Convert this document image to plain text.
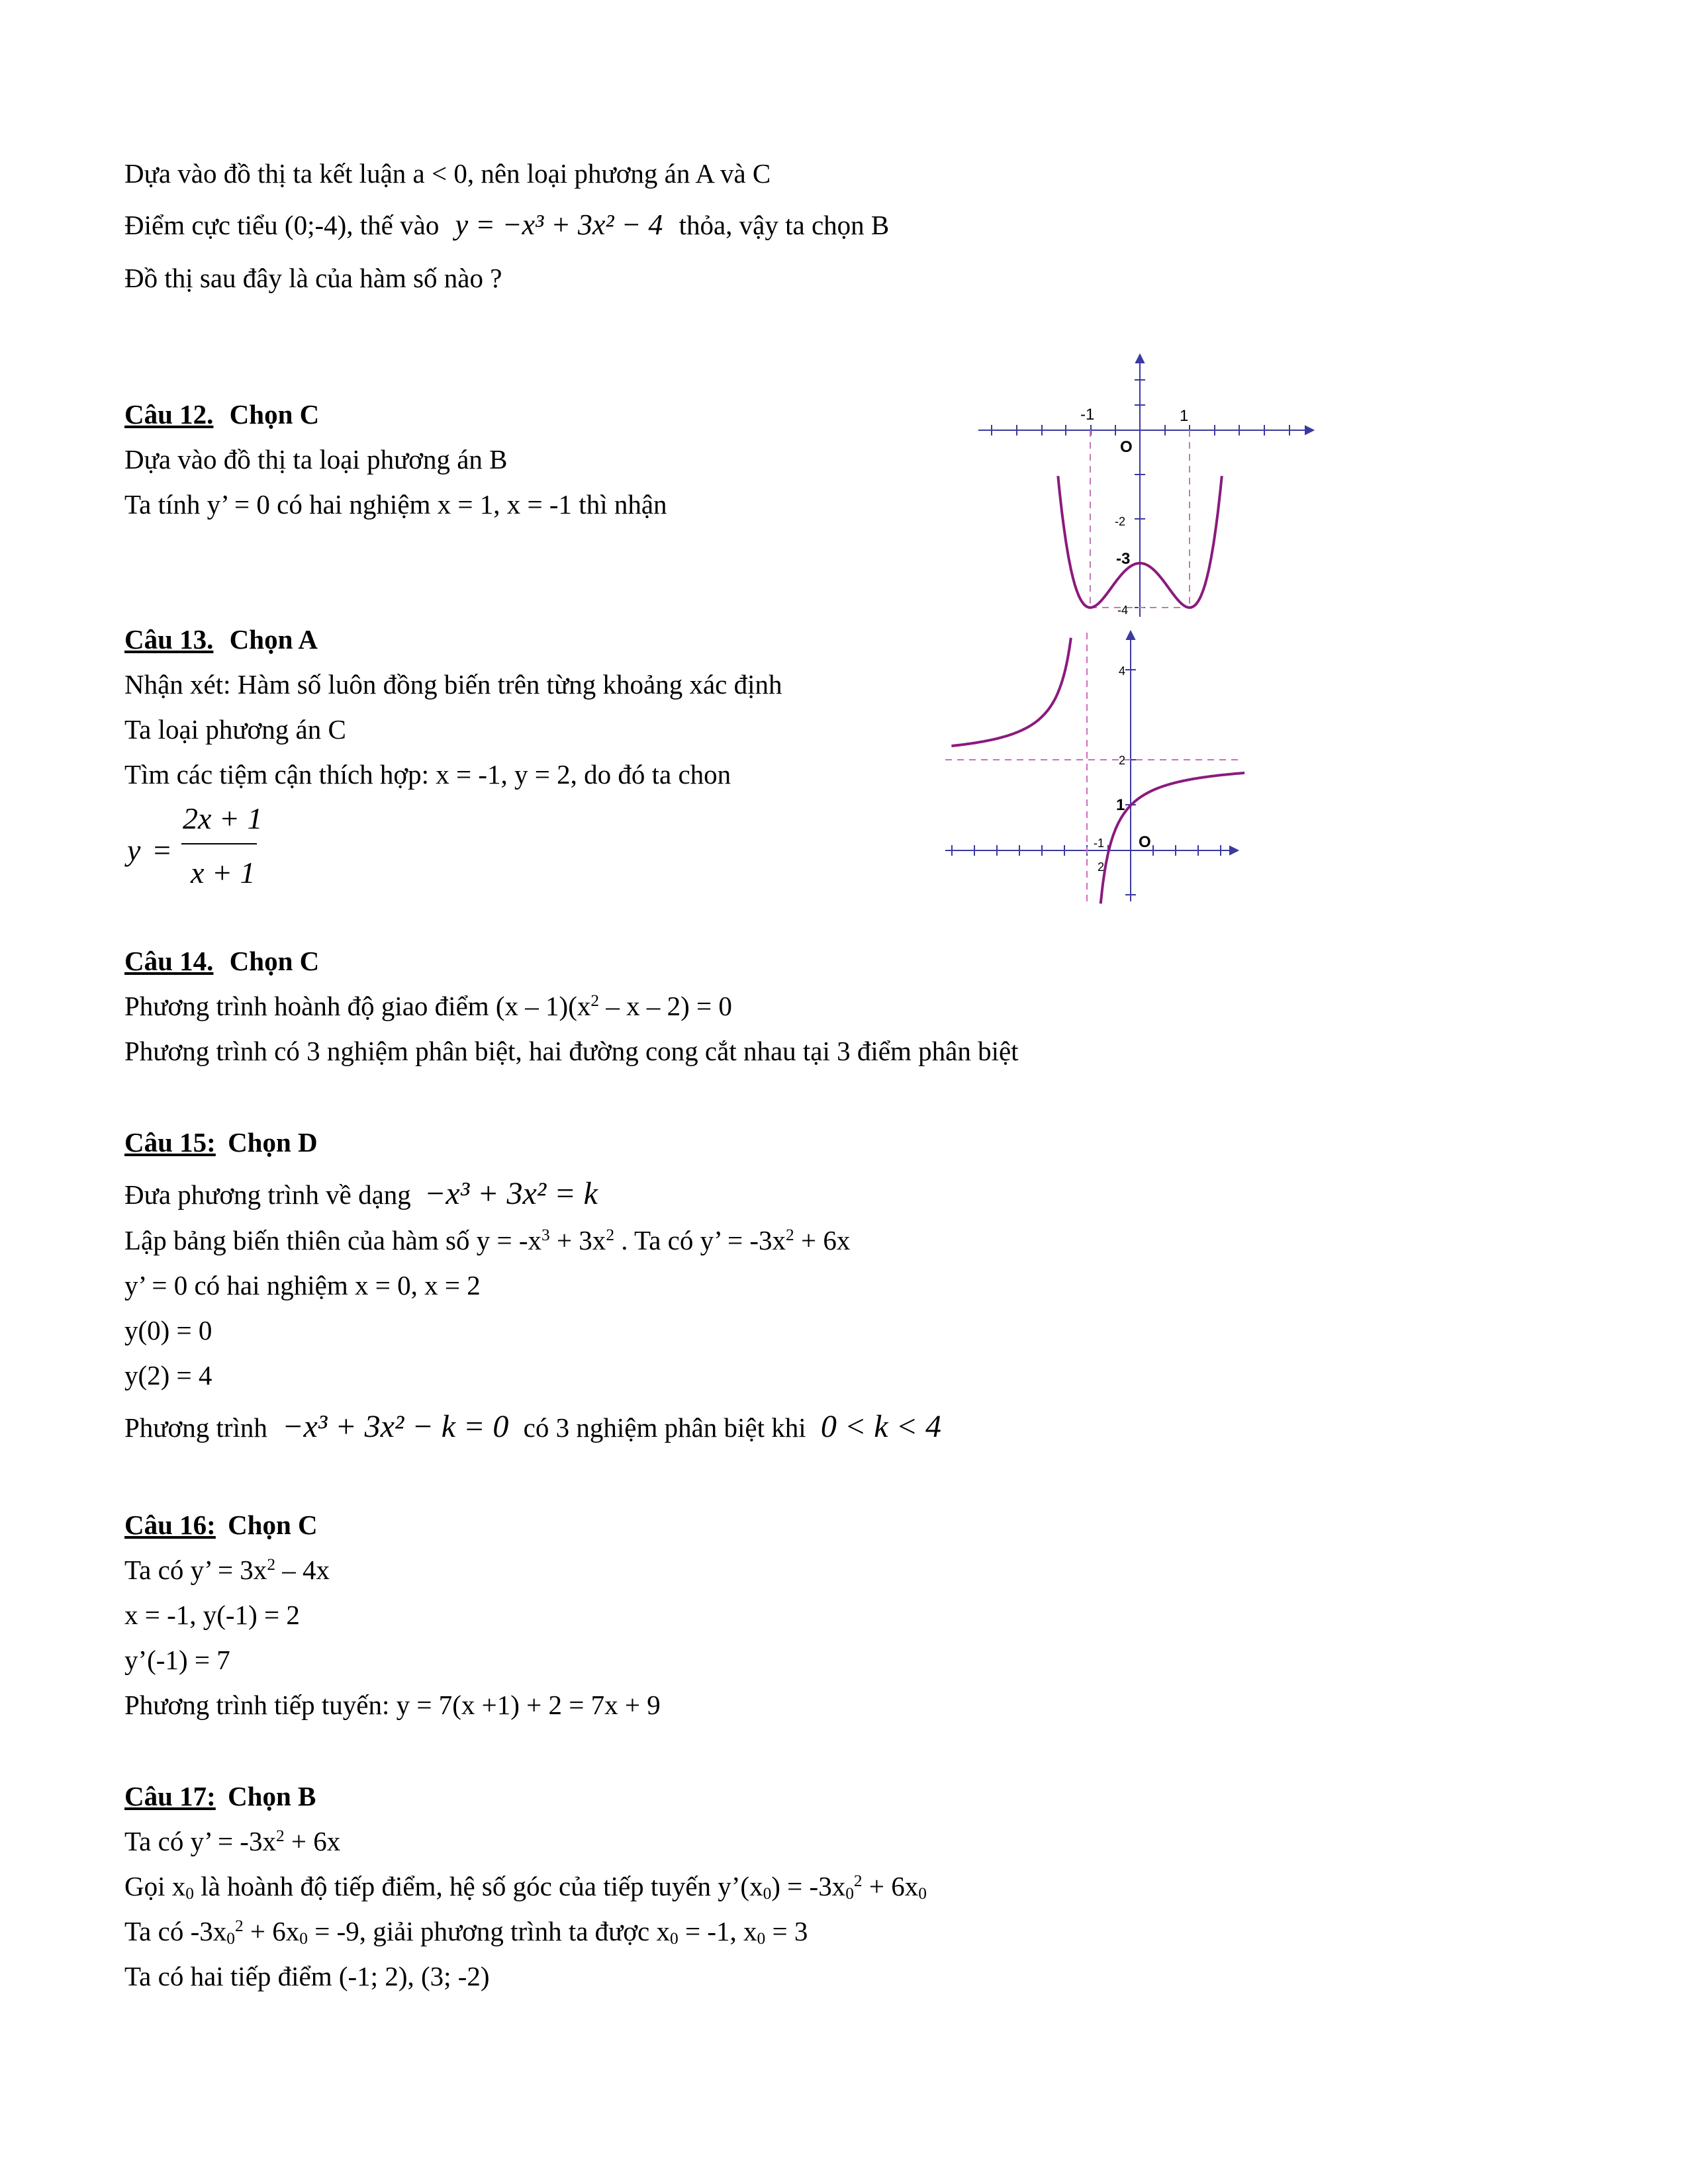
Dựa vào đồ thị ta kết luận a < 0, nên loại phương án A và C
Điểm cực tiểu (0;-4), thế vào y = −x³ + 3x² − 4 thỏa, vậy ta chọn B
Đồ thị sau đây là của hàm số nào ?
Câu 12. Chọn C
Dựa vào đồ thị ta loại phương án B
Ta tính y’ = 0 có hai nghiệm x = 1, x = -1 thì nhận
Câu 13. Chọn A
Nhận xét: Hàm số luôn đồng biến trên từng khoảng xác định
Ta loại phương án C
Tìm các tiệm cận thích hợp: x = -1, y = 2, do đó ta chon
y =
2x + 1
x + 1
Câu 14. Chọn C
Phương trình hoành độ giao điểm $(x - 1)(x^2 - x - 2) = 0$
Phương trình có 3 nghiệm phân biệt, hai đường cong cắt nhau tại 3 điểm phân biệt
Câu 15: Chọn D
Đưa phương trình về dạng −x³ + 3x² = k
Lập bảng biến thiên của hàm số $y = -x^3 + 3x^2$ . Ta có y’ = $-3x^2 + 6x$
y’ = 0 có hai nghiệm x = 0, x = 2
y(0) = 0
y(2) = 4
Phương trình −x³ + 3x² − k = 0 có 3 nghiệm phân biệt khi 0 < k < 4
Câu 16: Chọn C
Ta có y’ = $3x^2 - 4x$
x = -1, y(-1) = 2
y’(-1) = 7
Phương trình tiếp tuyến: y = 7(x +1) + 2 = 7x + 9
Câu 17: Chọn B
Ta có y’ = $-3x^2 + 6x$
Gọi $x_0$ là hoành độ tiếp điểm, hệ số góc của tiếp tuyến $y’(x_0) = -3x_0^2 + 6x_0$
Ta có $-3x_0^2 + 6x_0 = -9$, giải phương trình ta được $x_0 = -1$, $x_0 = 3$
Ta có hai tiếp điểm (-1; 2), (3; -2)
-1	1
O
-2
-3
-4
4
2
1
-1 O
2
